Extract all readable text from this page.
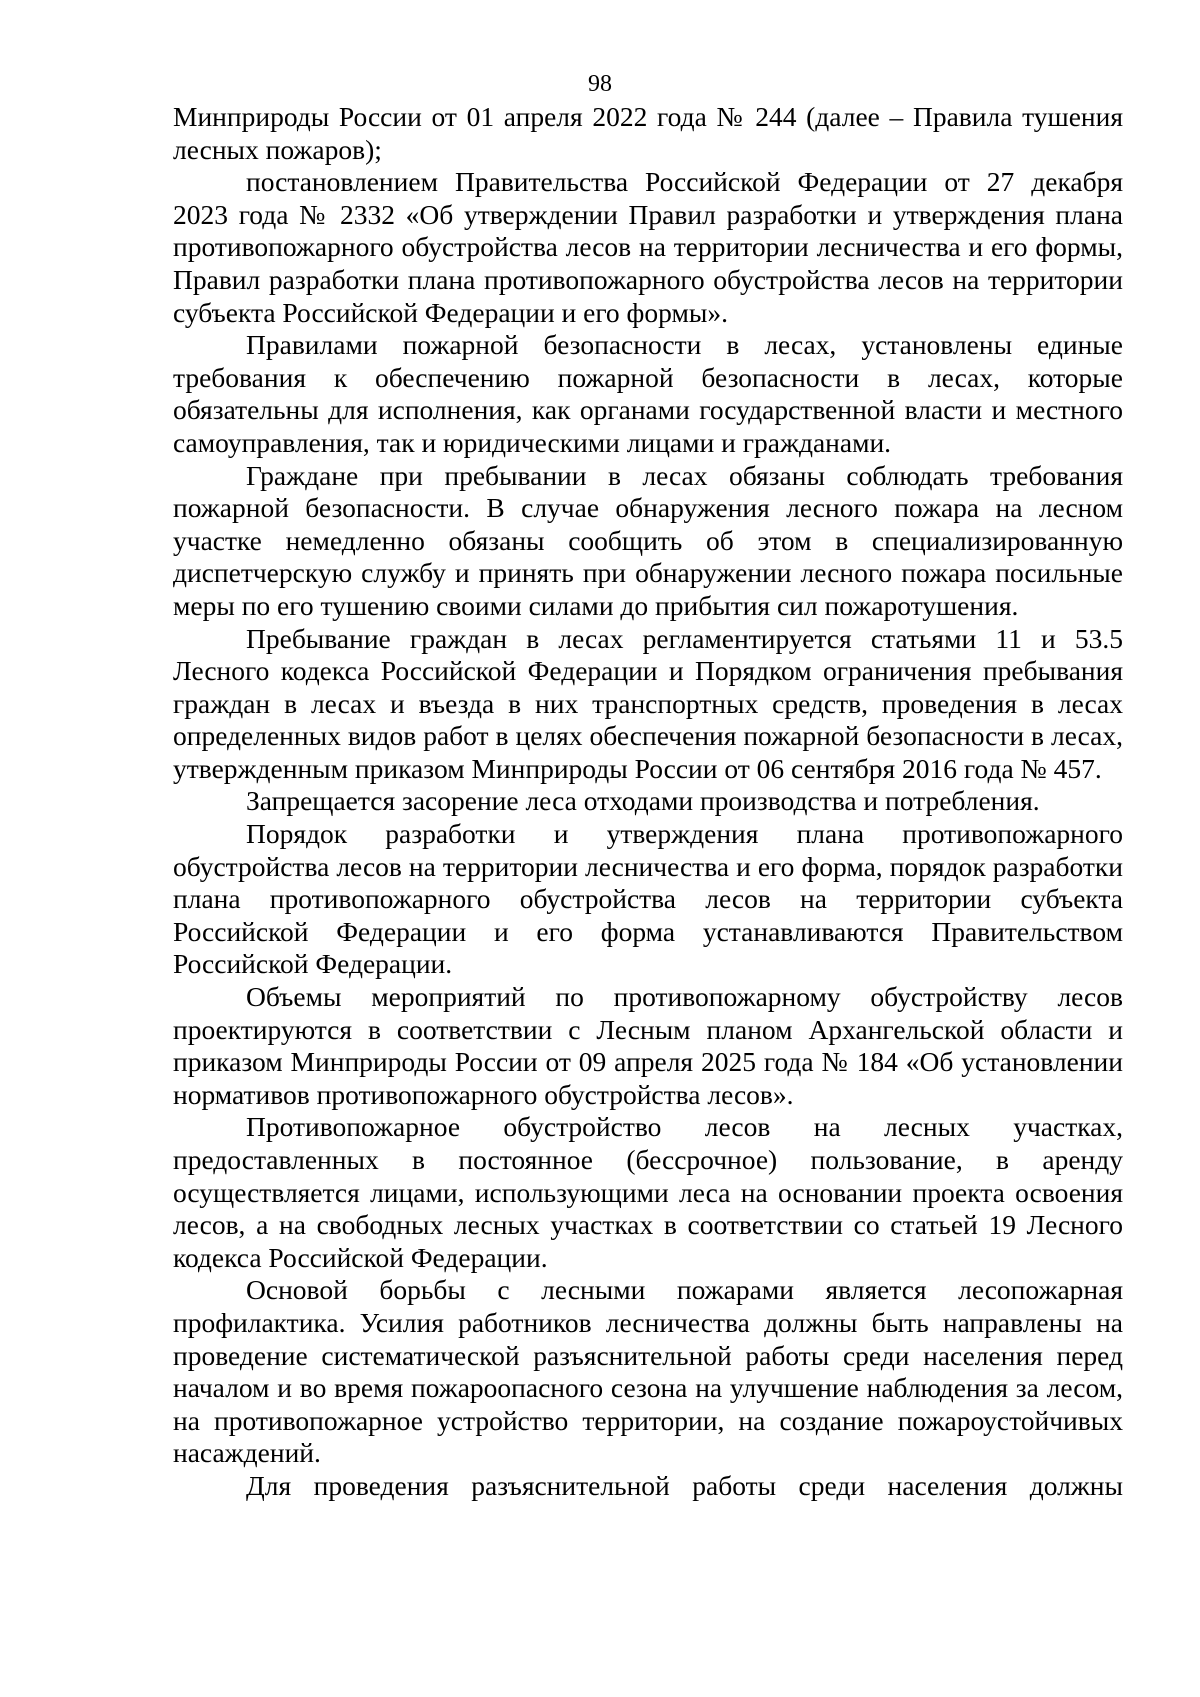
98

Минприроды России от 01 апреля 2022 года № 244 (далее – Правила тушения лесных пожаров);

постановлением Правительства Российской Федерации от 27 декабря 2023 года № 2332 «Об утверждении Правил разработки и утверждения плана противопожарного обустройства лесов на территории лесничества и его формы, Правил разработки плана противопожарного обустройства лесов на территории субъекта Российской Федерации и его формы».

Правилами пожарной безопасности в лесах, установлены единые требования к обеспечению пожарной безопасности в лесах, которые обязательны для исполнения, как органами государственной власти и местного самоуправления, так и юридическими лицами и гражданами.

Граждане при пребывании в лесах обязаны соблюдать требования пожарной безопасности. В случае обнаружения лесного пожара на лесном участке немедленно обязаны сообщить об этом в специализированную диспетчерскую службу и принять при обнаружении лесного пожара посильные меры по его тушению своими силами до прибытия сил пожаротушения.

Пребывание граждан в лесах регламентируется статьями 11 и 53.5 Лесного кодекса Российской Федерации и Порядком ограничения пребывания граждан в лесах и въезда в них транспортных средств, проведения в лесах определенных видов работ в целях обеспечения пожарной безопасности в лесах, утвержденным приказом Минприроды России от 06 сентября 2016 года № 457.

Запрещается засорение леса отходами производства и потребления.

Порядок разработки и утверждения плана противопожарного обустройства лесов на территории лесничества и его форма, порядок разработки плана противопожарного обустройства лесов на территории субъекта Российской Федерации и его форма устанавливаются Правительством Российской Федерации.

Объемы мероприятий по противопожарному обустройству лесов проектируются в соответствии с Лесным планом Архангельской области и приказом Минприроды России от 09 апреля 2025 года № 184 «Об установлении нормативов противопожарного обустройства лесов».

Противопожарное обустройство лесов на лесных участках, предоставленных в постоянное (бессрочное) пользование, в аренду осуществляется лицами, использующими леса на основании проекта освоения лесов, а на свободных лесных участках в соответствии со статьей 19 Лесного кодекса Российской Федерации.

Основой борьбы с лесными пожарами является лесопожарная профилактика. Усилия работников лесничества должны быть направлены на проведение систематической разъяснительной работы среди населения перед началом и во время пожароопасного сезона на улучшение наблюдения за лесом, на противопожарное устройство территории, на создание пожароустойчивых насаждений.

Для проведения разъяснительной работы среди населения должны
